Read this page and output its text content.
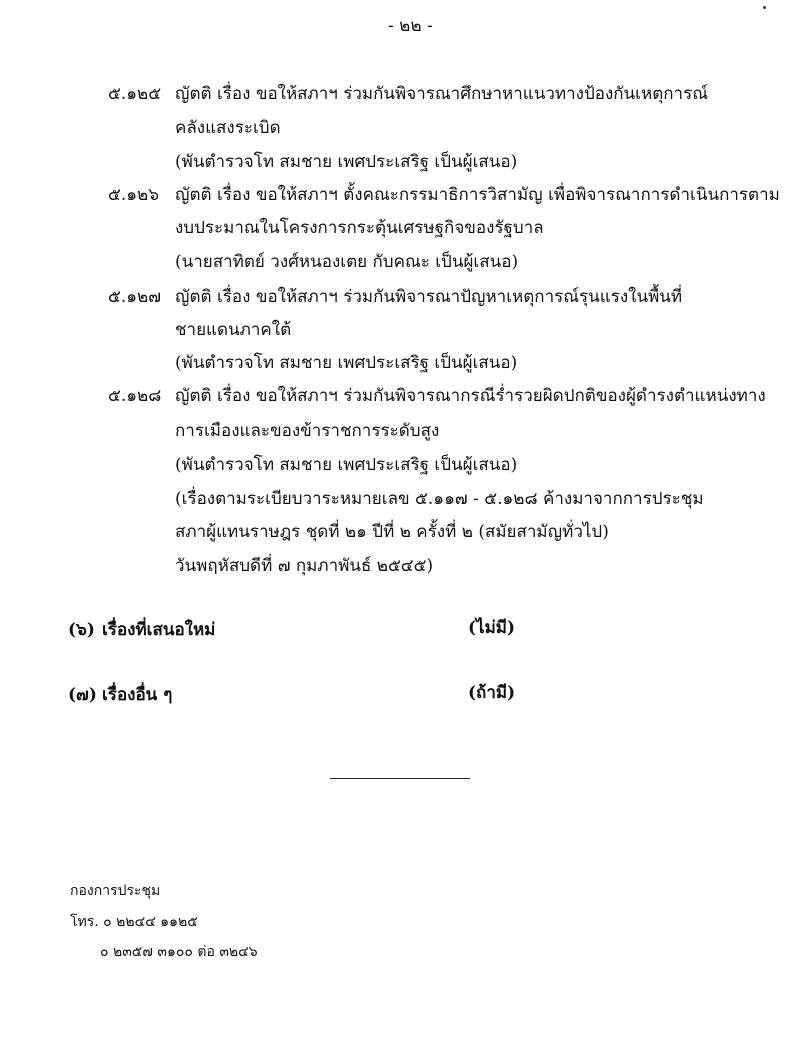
- ๒๒ -
๕.๑๒๕ ญัตติ เรื่อง ขอให้สภาฯ ร่วมกันพิจารณาศึกษาหาแนวทางป้องกันเหตุการณ์
คลังแสงระเบิด
(พันตำรวจโท สมชาย เพศประเสริฐ เป็นผู้เสนอ)
๕.๑๒๖ ญัตติ เรื่อง ขอให้สภาฯ ตั้งคณะกรรมาธิการวิสามัญ เพื่อพิจารณาการดำเนินการตาม
งบประมาณในโครงการกระตุ้นเศรษฐกิจของรัฐบาล
(นายสาทิตย์ วงศ์หนองเตย กับคณะ เป็นผู้เสนอ)
๕.๑๒๗ ญัตติ เรื่อง ขอให้สภาฯ ร่วมกันพิจารณาปัญหาเหตุการณ์รุนแรงในพื้นที่
ชายแดนภาคใต้
(พันตำรวจโท สมชาย เพศประเสริฐ เป็นผู้เสนอ)
๕.๑๒๘ ญัตติ เรื่อง ขอให้สภาฯ ร่วมกันพิจารณากรณีร่ำรวยผิดปกติของผู้ดำรงตำแหน่งทาง
การเมืองและของข้าราชการระดับสูง
(พันตำรวจโท สมชาย เพศประเสริฐ เป็นผู้เสนอ)
(เรื่องตามระเบียบวาระหมายเลข ๕.๑๑๗ - ๕.๑๒๘ ค้างมาจากการประชุม
สภาผู้แทนราษฎร ชุดที่ ๒๑ ปีที่ ๒ ครั้งที่ ๒ (สมัยสามัญทั่วไป)
วันพฤหัสบดีที่ ๗ กุมภาพันธ์ ๒๕๔๕)
(๖) เรื่องที่เสนอใหม่	(ไม่มี)
(๗) เรื่องอื่น ๆ	(ถ้ามี)
กองการประชุม
โทร. ๐ ๒๒๔๔ ๑๑๒๕
๐ ๒๓๕๗ ๓๑๐๐ ต่อ ๓๒๔๖
